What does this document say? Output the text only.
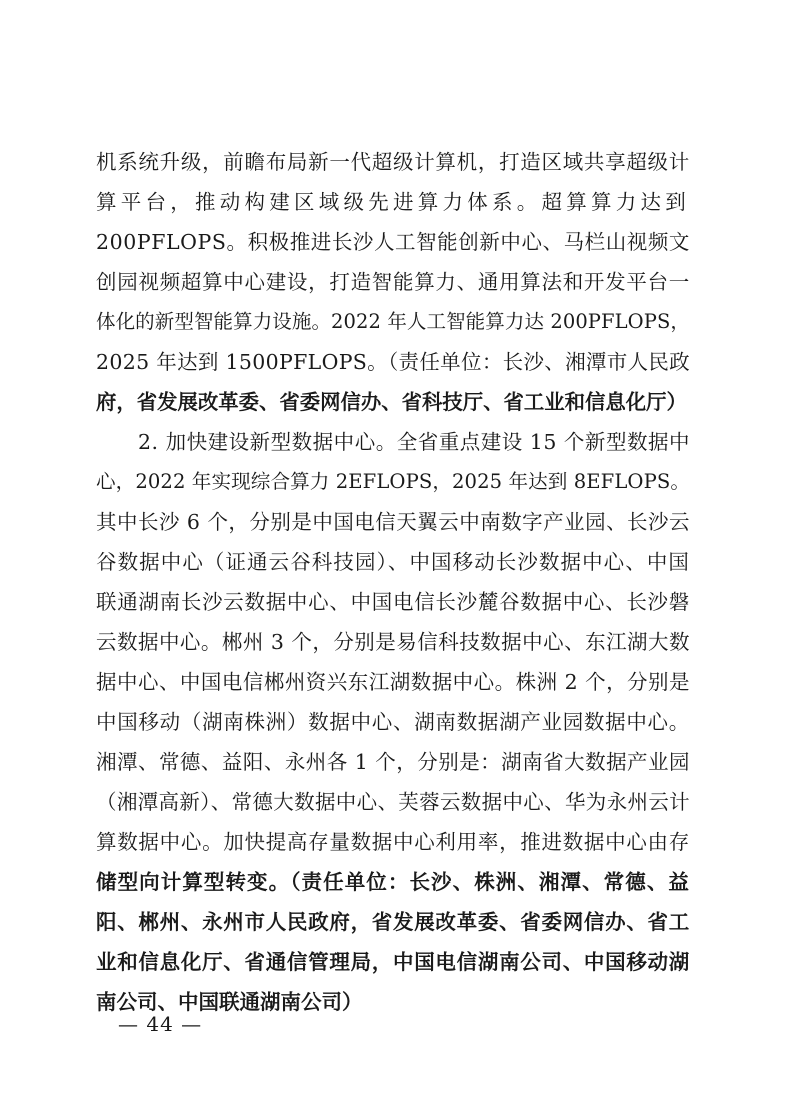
机系统升级，前瞻布局新一代超级计算机，打造区域共享超级计
算平台，推动构建区域级先进算力体系。超算算力达到
200PFLOPS。积极推进长沙人工智能创新中心、马栏山视频文
创园视频超算中心建设，打造智能算力、通用算法和开发平台一
体化的新型智能算力设施。2022 年人工智能算力达 200PFLOPS，
2025 年达到 1500PFLOPS。（责任单位：长沙、湘潭市人民政
府，省发展改革委、省委网信办、省科技厅、省工业和信息化厅）
2. 加快建设新型数据中心。全省重点建设 15 个新型数据中
心，2022 年实现综合算力 2EFLOPS，2025 年达到 8EFLOPS。
其中长沙 6 个，分别是中国电信天翼云中南数字产业园、长沙云
谷数据中心（证通云谷科技园）、中国移动长沙数据中心、中国
联通湖南长沙云数据中心、中国电信长沙麓谷数据中心、长沙磐
云数据中心。郴州 3 个，分别是易信科技数据中心、东江湖大数
据中心、中国电信郴州资兴东江湖数据中心。株洲 2 个，分别是
中国移动（湖南株洲）数据中心、湖南数据湖产业园数据中心。
湘潭、常德、益阳、永州各 1 个，分别是：湖南省大数据产业园
（湘潭高新）、常德大数据中心、芙蓉云数据中心、华为永州云计
算数据中心。加快提高存量数据中心利用率，推进数据中心由存
储型向计算型转变。（责任单位：长沙、株洲、湘潭、常德、益
阳、郴州、永州市人民政府，省发展改革委、省委网信办、省工
业和信息化厅、省通信管理局，中国电信湖南公司、中国移动湖
南公司、中国联通湖南公司）
— 44 —
